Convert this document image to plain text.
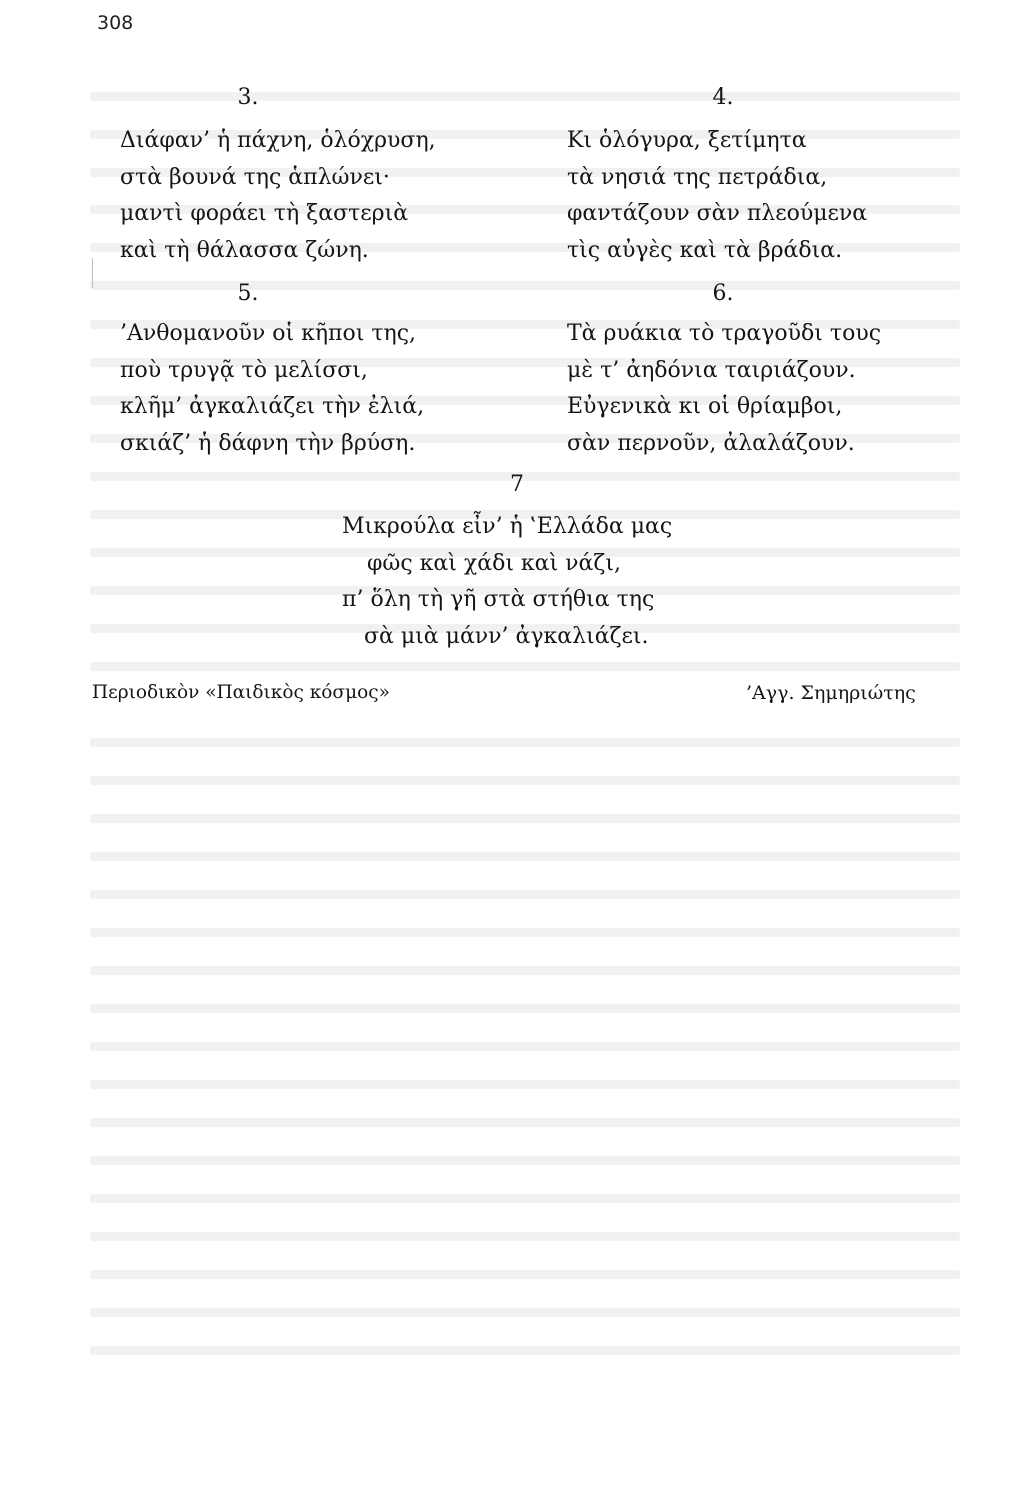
308
3.
Διάφαν’ ἡ πάχνη, ὁλόχρυση,
στὰ βουνά της ἁπλώνει·
μαντὶ φοράει τὴ ξαστεριὰ
καὶ τὴ θάλασσα ζώνη.
4.
Κι ὁλόγυρα, ξετίμητα
τὰ νησιά της πετράδια,
φαντάζουν σὰν πλεούμενα
τὶς αὐγὲς καὶ τὰ βράδια.
5.
’Ανθομανοῦν οἱ κῆποι της,
ποὺ τρυγᾷ τὸ μελίσσι,
κλῆμ’ ἀγκαλιάζει τὴν ἐλιά,
σκιάζ’ ἡ δάφνη τὴν βρύση.
6.
Τὰ ρυάκια τὸ τραγοῦδι τους
μὲ τ’ ἀηδόνια ταιριάζουν.
Εὐγενικὰ κι οἱ θρίαμβοι,
σὰν περνοῦν, ἀλαλάζουν.
7
Μικρούλα εἶν’ ἡ ‛Ελλάδα μας
φῶς καὶ χάδι καὶ νάζι,
π’ ὅλη τὴ γῆ στὰ στήθια της
σὰ μιὰ μάνν’ ἀγκαλιάζει.
Περιοδικὸν «Παιδικὸς κόσμος»	’Αγγ. Σημηριώτης
